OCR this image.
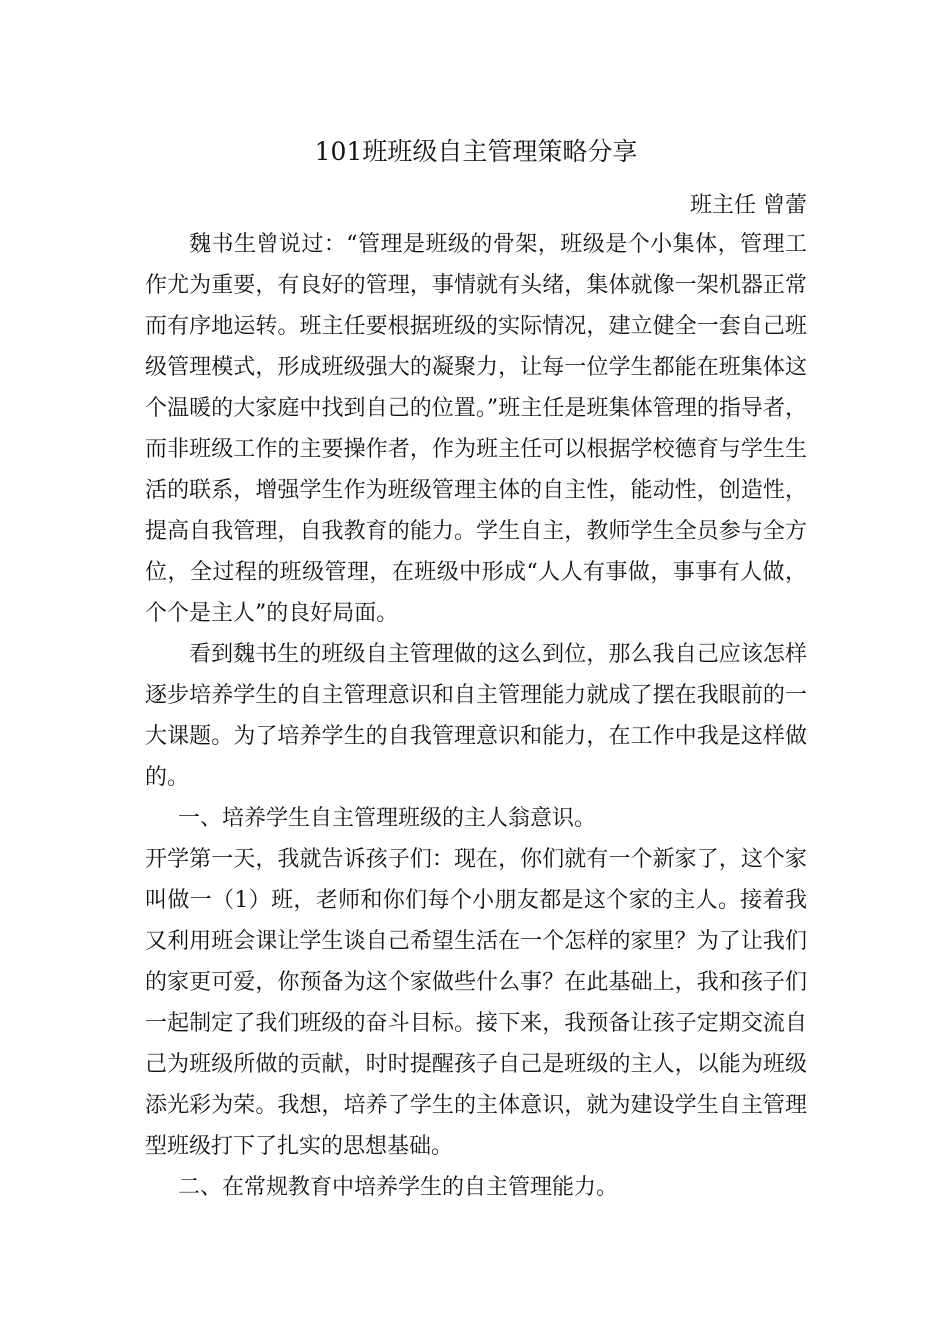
101班班级自主管理策略分享

班主任 曾蕾

魏书生曾说过：“管理是班级的骨架，班级是个小集体，管理工作尤为重要，有良好的管理，事情就有头绪，集体就像一架机器正常而有序地运转。班主任要根据班级的实际情况，建立健全一套自己班级管理模式，形成班级强大的凝聚力，让每一位学生都能在班集体这个温暖的大家庭中找到自己的位置。”班主任是班集体管理的指导者，而非班级工作的主要操作者，作为班主任可以根据学校德育与学生生活的联系，增强学生作为班级管理主体的自主性，能动性，创造性，提高自我管理，自我教育的能力。学生自主，教师学生全员参与全方位，全过程的班级管理，在班级中形成“人人有事做，事事有人做，个个是主人”的良好局面。

看到魏书生的班级自主管理做的这么到位，那么我自己应该怎样逐步培养学生的自主管理意识和自主管理能力就成了摆在我眼前的一大课题。为了培养学生的自我管理意识和能力，在工作中我是这样做的。

一、培养学生自主管理班级的主人翁意识。

开学第一天，我就告诉孩子们：现在，你们就有一个新家了，这个家叫做一（1）班，老师和你们每个小朋友都是这个家的主人。接着我又利用班会课让学生谈自己希望生活在一个怎样的家里？为了让我们的家更可爱，你预备为这个家做些什么事？在此基础上，我和孩子们一起制定了我们班级的奋斗目标。接下来，我预备让孩子定期交流自己为班级所做的贡献，时时提醒孩子自己是班级的主人，以能为班级添光彩为荣。我想，培养了学生的主体意识，就为建设学生自主管理型班级打下了扎实的思想基础。

二、在常规教育中培养学生的自主管理能力。
